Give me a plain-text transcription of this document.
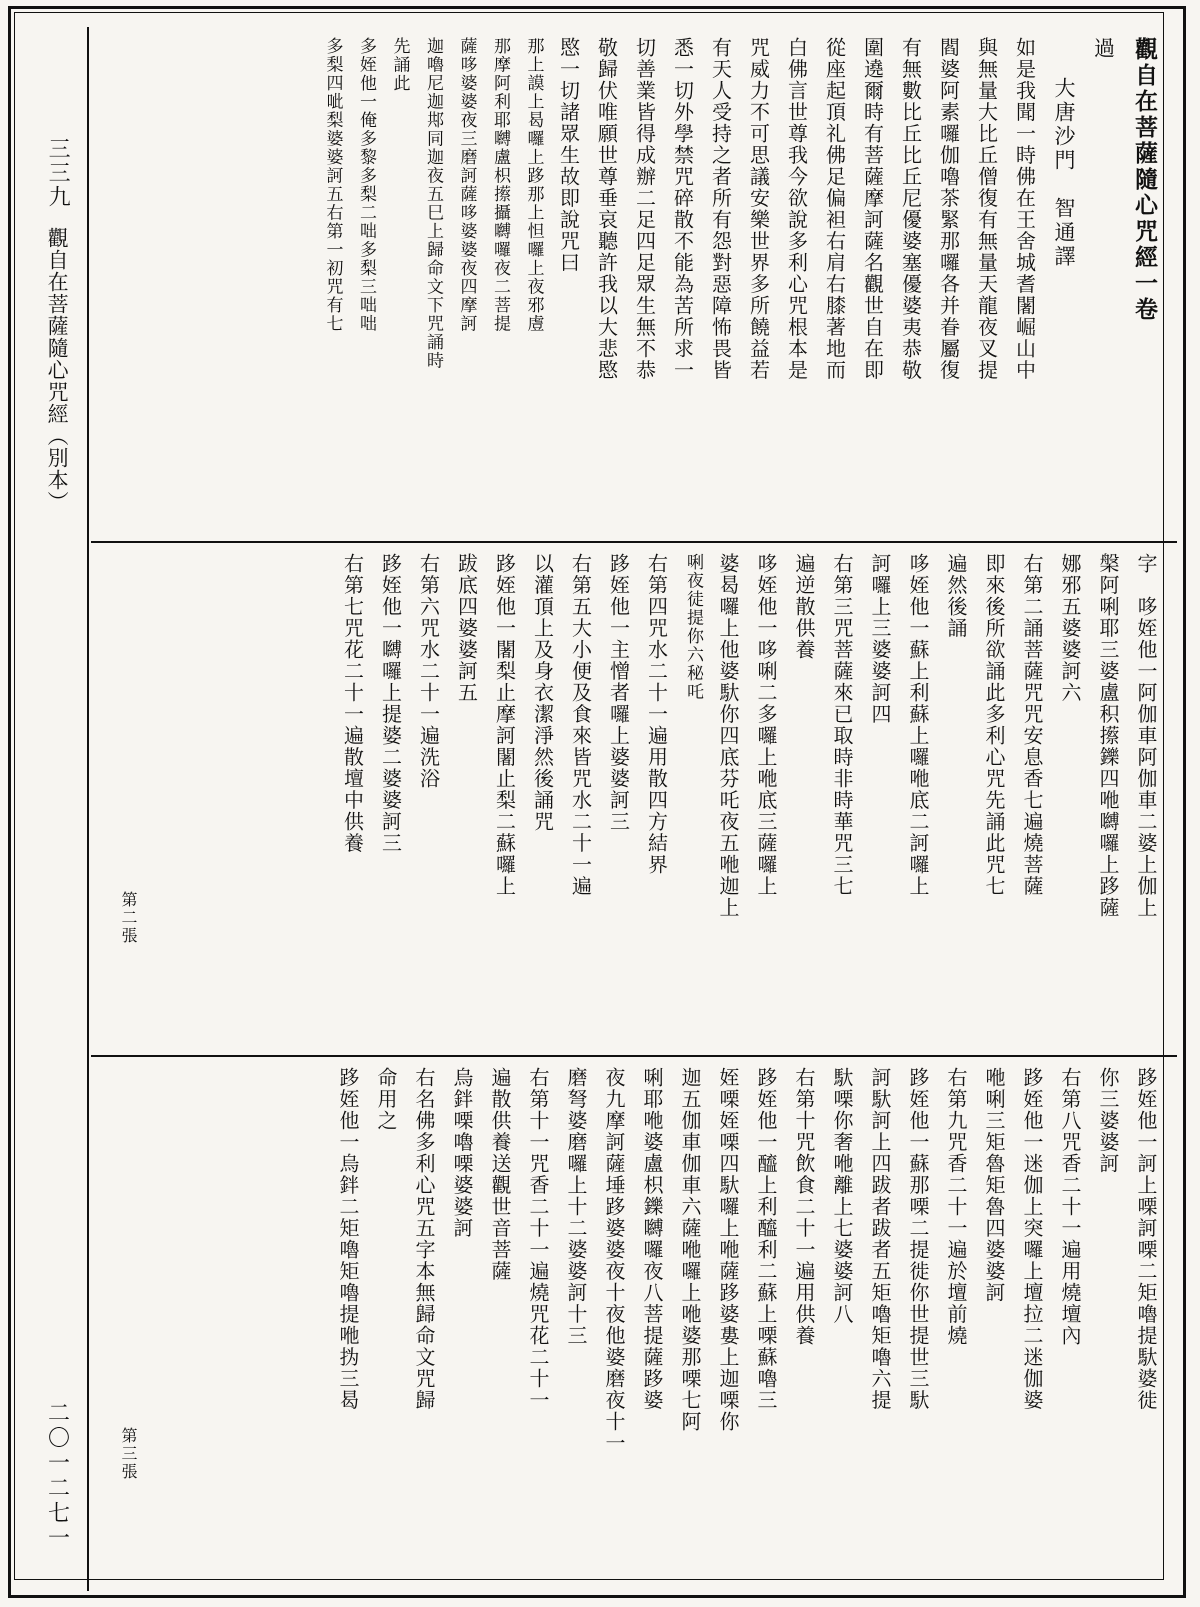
三三九
觀自在菩薩隨心咒經（別本）
二〇一二七一
觀自在菩薩隨心咒經一卷
過
大唐沙門　智通譯
如是我聞一時佛在王舍城耆闍崛山中
與無量大比丘僧復有無量天龍夜叉提
閻婆阿素囉伽嚕茶緊那囉各并眷屬復
有無數比丘比丘尼優婆塞優婆夷恭敬
圍遶爾時有菩薩摩訶薩名觀世自在即
從座起頂礼佛足偏袒右肩右膝著地而
白佛言世尊我今欲說多利心咒根本是
咒威力不可思議安樂世界多所饒益若
有天人受持之者所有怨對惡障怖畏皆
悉一切外學禁咒碎散不能為苦所求一
切善業皆得成辦二足四足眾生無不恭
敬歸伏唯願世尊垂哀聽許我以大悲愍
愍一切諸眾生故即說咒曰
那上謨上曷囉上跢那上怛囉上夜邪䖒
那摩阿利耶嚩盧枳攃攝嚩囉夜二菩提
薩哆婆婆夜三磨訶薩哆婆婆夜四摩訶
迦嚕尼迦䢼同迦夜五巳上歸命文下咒誦時
先誦此
多姪他一俺多黎多梨二咄多梨三咄咄
多梨四呲梨婆婆訶五右第一初咒有七
字　哆姪他一阿伽車阿伽車二婆上伽上
槃阿唎耶三婆盧积攃鑠四咃嚩囉上跢薩
娜邪五婆婆訶六
右第二誦菩薩咒咒安息香七遍燒菩薩
即來後所欲誦此多利心咒先誦此咒七
遍然後誦
哆姪他一蘇上利蘇上囉咃底二訶囉上
訶囉上三婆婆訶四
右第三咒菩薩來已取時非時華咒三七
遍逆散供養
哆姪他一哆唎二多囉上咃底三薩囉上
婆曷囉上他婆馱你四底芬吒夜五咃迦上
唎夜徒提你六秘吒
右第四咒水二十一遍用散四方結界
跢姪他一主憎者囉上婆婆訶三
右第五大小便及食來皆咒水二十一遍
以灌頂上及身衣潔淨然後誦咒
跢姪他一闍梨止摩訶闍止梨二蘇囉上
跋底四婆婆訶五
右第六咒水二十一遍洗浴
跢姪他一嚩囉上提婆二婆婆訶三
右第七咒花二十一遍散壇中供養
第二張
跢姪他一訶上㗚訶㗚二矩嚕提馱婆徙
你三婆婆訶
右第八咒香二十一遍用燒壇內
跢姪他一迷伽上突囉上壇拉二迷伽婆
咃唎三矩魯矩魯四婆婆訶
右第九咒香二十一遍於壇前燒
跢姪他一蘇那㗚二提徙你世提世三馱
訶馱訶上四跋者跋者五矩嚕矩嚕六提
馱㗚你奢咃離上七婆婆訶八
右第十咒飲食二十一遍用供養
跢姪他一醯上利醯利二蘇上㗚蘇嚕三
姪㗚姪㗚四馱囉上咃薩跢婆婁上迦㗚你
迦五伽車伽車六薩咃囉上咃婆那㗚七阿
唎耶咃婆盧枳鑠嚩囉夜八菩提薩跢婆
夜九摩訶薩埵跢婆婆夜十夜他婆磨夜十一
磨弩婆磨囉上十二婆婆訶十三
右第十一咒香二十一遍燒咒花二十一
遍散供養送觀世音菩薩
烏鉡㗚嚕㗚婆婆訶
右名佛多利心咒五字本無歸命文咒歸
命用之
跢姪他一烏鉡二矩嚕矩嚕提咃㧑三曷
第三張
